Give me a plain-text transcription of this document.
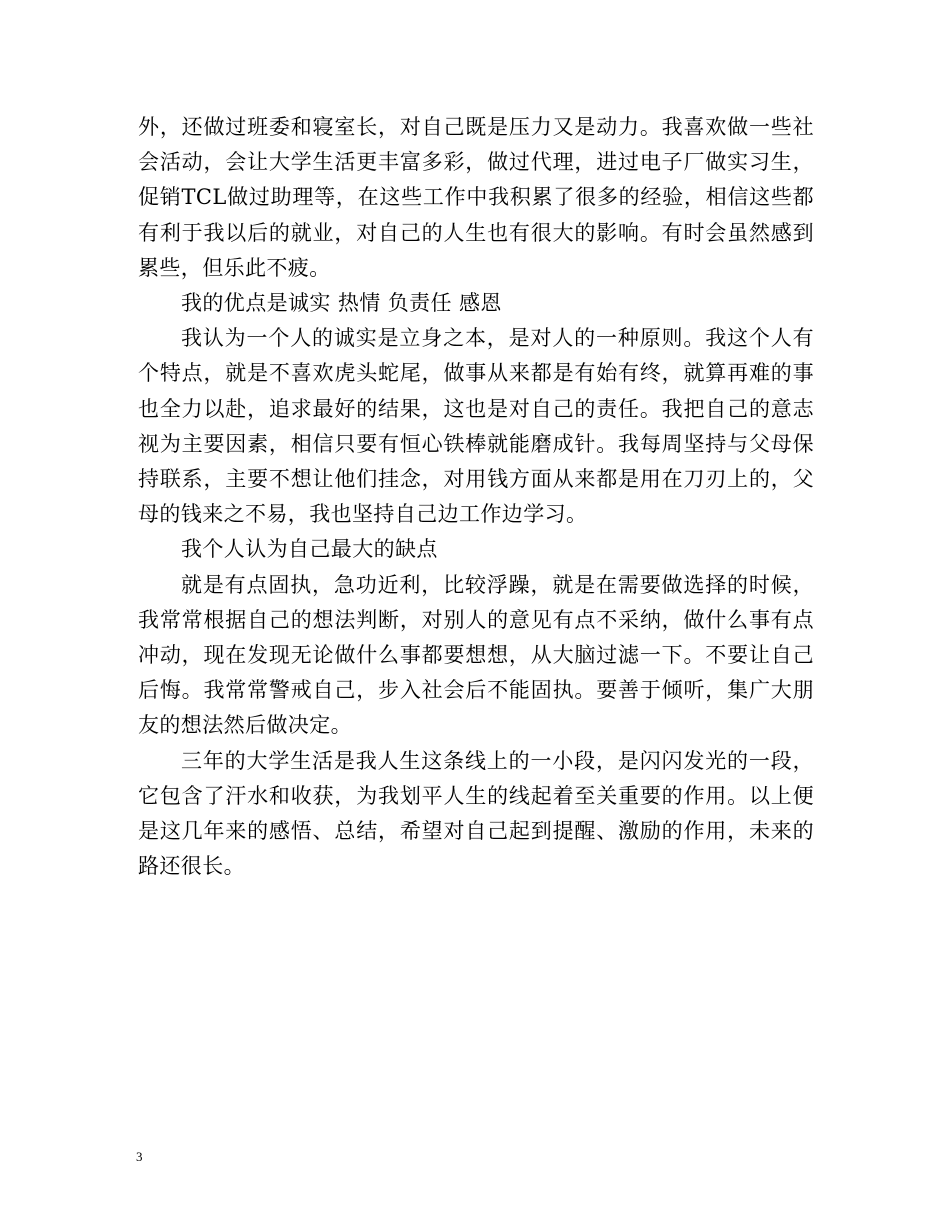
外，还做过班委和寝室长，对自己既是压力又是动力。我喜欢做一些社会活动，会让大学生活更丰富多彩，做过代理，进过电子厂做实习生，促销TCL做过助理等，在这些工作中我积累了很多的经验，相信这些都有利于我以后的就业，对自己的人生也有很大的影响。有时会虽然感到累些，但乐此不疲。

我的优点是诚实 热情 负责任 感恩

我认为一个人的诚实是立身之本，是对人的一种原则。我这个人有个特点，就是不喜欢虎头蛇尾，做事从来都是有始有终，就算再难的事也全力以赴，追求最好的结果，这也是对自己的责任。我把自己的意志视为主要因素，相信只要有恒心铁棒就能磨成针。我每周坚持与父母保持联系，主要不想让他们挂念，对用钱方面从来都是用在刀刃上的，父母的钱来之不易，我也坚持自己边工作边学习。

我个人认为自己最大的缺点

就是有点固执，急功近利，比较浮躁，就是在需要做选择的时候，我常常根据自己的想法判断，对别人的意见有点不采纳，做什么事有点冲动，现在发现无论做什么事都要想想，从大脑过滤一下。不要让自己后悔。我常常警戒自己，步入社会后不能固执。要善于倾听，集广大朋友的想法然后做决定。

三年的大学生活是我人生这条线上的一小段，是闪闪发光的一段，它包含了汗水和收获，为我划平人生的线起着至关重要的作用。以上便是这几年来的感悟、总结，希望对自己起到提醒、激励的作用，未来的路还很长。

3
